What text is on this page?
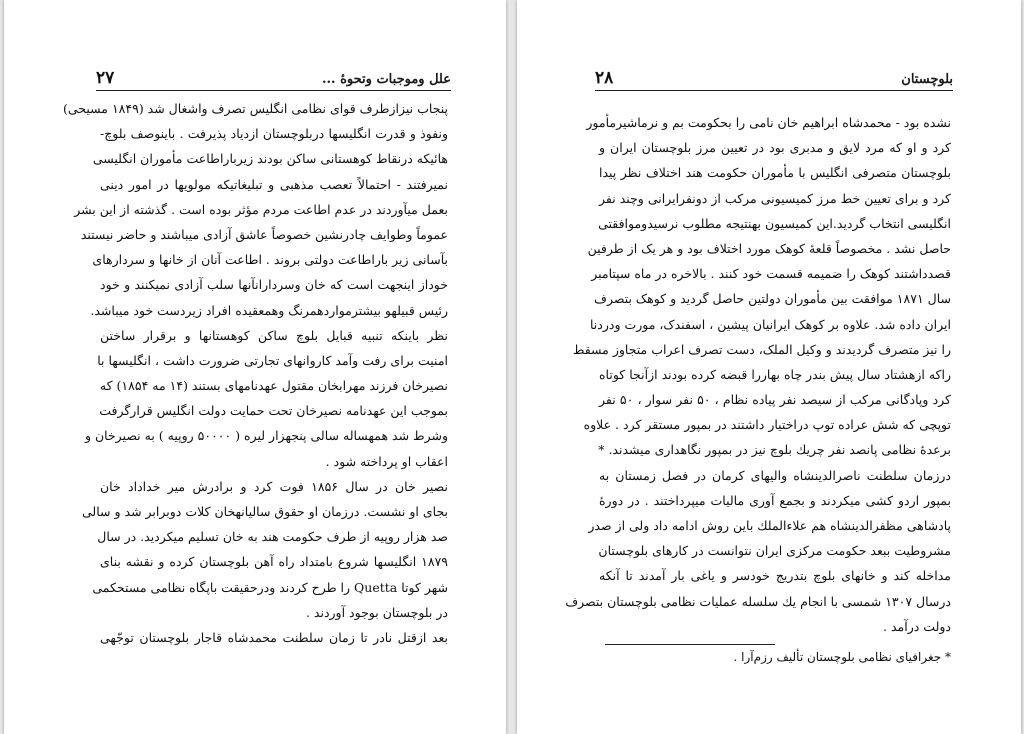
علل وموجبات وتحوۀ ...
۲۷
پنجاب نیزازطرف قوای نظامی انگلیس تصرف واشغال شد (۱۸۴۹ مسیحی)
ونفوذ و قدرت انگلیسها دربلوچستان ازدیاد پذیرفت . باینوصف بلوچ-
هائیکه درنقاط کوهستانی ساکن بودند زیرباراطاعت مأموران انگلیسی
نمیرفتند - احتمالاً تعصب مذهبی و تبلیغاتیکه مولویها در امور دینی
بعمل میآوردند در عدم اطاعت مردم مؤثر بوده است . گذشته از این بشر
عموماً وطوایف چادرنشین خصوصاً عاشق آزادی میباشند و حاضر نیستند
بآسانی زیر باراطاعت دولتی بروند . اطاعت آنان از خانها و سردارهای
خوداز اینجهت است که خان وسردارانآنها سلب آزادی نمیکنند و خود
رئیس قبیلهو بیشترمواردهمرنگ وهمعقیده افراد زیردست خود میباشد.
نظر باینکه تنبیه قبایل بلوچ ساکن کوهستانها و برقرار ساختن
امنیت برای رفت وآمد کاروانهای تجارتی ضرورت داشت ، انگلیسها با
نصیرخان فرزند مهرابخان مقتول عهدنامهای بستند (۱۴ مه ۱۸۵۴) که
بموجب این عهدنامه نصیرخان تحت حمایت دولت انگلیس قرارگرفت
وشرط شد همهساله سالی پنجهزار لیره ( ۵۰۰۰۰ روپیه ) به نصیرخان و
اعقاب او پرداخته شود .
نصیر خان در سال ۱۸۵۶ فوت کرد و برادرش میر خداداد خان
بجای او نشست. درزمان او حقوق سالیانهخان کلات دوبرابر شد و سالی
صد هزار روپیه از طرف حکومت هند به خان تسلیم میکردید. در سال
۱۸۷۹ انگلیسها شروع بامتداد راه آهن بلوچستان کرده و نقشه بنای
شهر کوتا Quetta را طرح کردند ودرحقیقت باپگاه نظامی مستحکمی
در بلوچستان بوجود آوردند .
بعد ازقتل نادر تا زمان سلطنت محمدشاه قاجار بلوچستان توجّهی
بلوچستان
۲۸
نشده بود - محمدشاه ابراهیم خان نامی را بحکومت بم و نرماشیرمأمور
کرد و او که مرد لایق و مدبری بود در تعیین مرز بلوچستان ایران و
بلوچستان متصرفی انگلیس با مأموران حکومت هند اختلاف نظر پیدا
کرد و برای تعیین خط مرز کمیسیونی مرکب از دونفرایرانی وچند نفر
انگلیسی انتخاب گردید.این کمیسیون بهنتیجه مطلوب نرسیدوموافقتی
حاصل نشد . مخصوصاً قلعهٔ کوهک مورد اختلاف بود و هر یک از طرفین
قصدداشتند کوهک را ضمیمه قسمت خود کنند . بالاخره در ماه سپتامبر
سال ۱۸۷۱ موافقت بین مأموران دولتین حاصل گردید و کوهک بتصرف
ایران داده شد. علاوه بر کوهک ایرانیان پیشین ، اسفندک، مورت ودردنا
را نیز متصرف گردیدند و وکیل الملک، دست تصرف اعراب متجاوز مسقط
راکه ازهشتاد سال پیش بندر چاه بهاررا قبضه کرده بودند ازآنجا کوتاه
کرد وپادگانی مرکب از سیصد نفر پیاده نظام ، ۵۰ نفر سوار ، ۵۰ نفر
توپچی که شش عراده توپ دراختیار داشتند در بمپور مستقر کرد . علاوه
برعدهٔ نظامی پانصد نفر چریك بلوچ نیز در بمپور نگاهداری میشدند. *
درزمان سلطنت ناصرالدینشاه والیهای کرمان در فصل زمستان به
بمپور اردو کشی میکردند و بجمع آوری مالیات میپرداختند . در دورهٔ
پادشاهی مظفرالدینشاه هم علاءالملك باین روش ادامه داد ولی از صدر
مشروطیت ببعد حکومت مرکزی ایران نتوانست در کارهای بلوچستان
مداخله کند و خانهای بلوچ بتدریج خودسر و یاغی بار آمدند تا آنکه
درسال ۱۳۰۷ شمسی با انجام یك سلسله عملیات نظامی بلوچستان بتصرف
دولت درآمد .
* جغرافیای نظامی بلوچستان تألیف رزم‌آرا .
